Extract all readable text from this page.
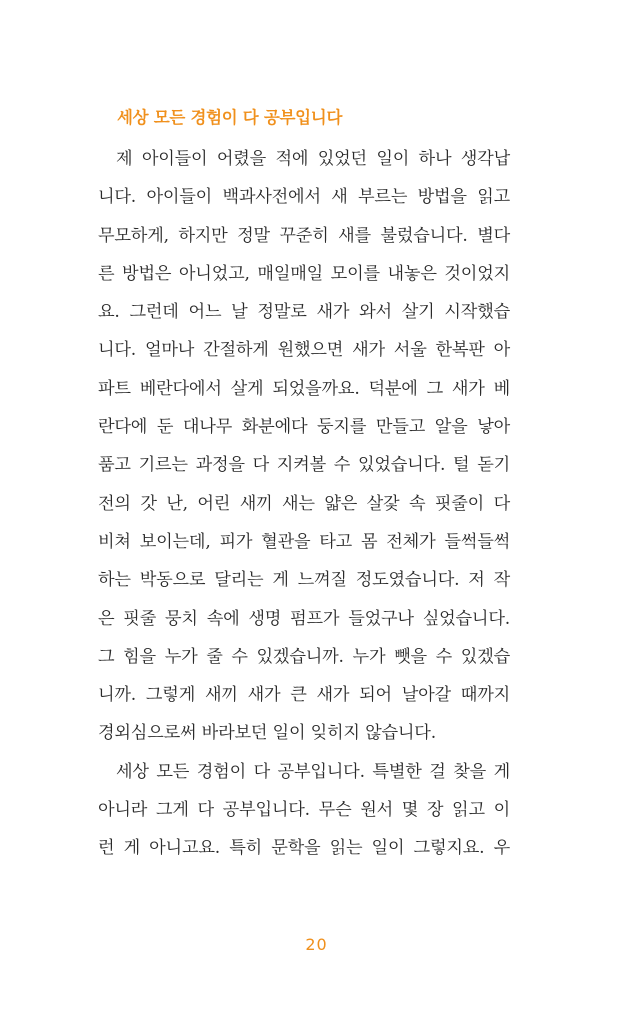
세상 모든 경험이 다 공부입니다
제 아이들이 어렸을 적에 있었던 일이 하나 생각납
니다. 아이들이 백과사전에서 새 부르는 방법을 읽고
무모하게, 하지만 정말 꾸준히 새를 불렀습니다. 별다
른 방법은 아니었고, 매일매일 모이를 내놓은 것이었지
요. 그런데 어느 날 정말로 새가 와서 살기 시작했습
니다. 얼마나 간절하게 원했으면 새가 서울 한복판 아
파트 베란다에서 살게 되었을까요. 덕분에 그 새가 베
란다에 둔 대나무 화분에다 둥지를 만들고 알을 낳아
품고 기르는 과정을 다 지켜볼 수 있었습니다. 털 돋기
전의 갓 난, 어린 새끼 새는 얇은 살갗 속 핏줄이 다
비쳐 보이는데, 피가 혈관을 타고 몸 전체가 들썩들썩
하는 박동으로 달리는 게 느껴질 정도였습니다. 저 작
은 핏줄 뭉치 속에 생명 펌프가 들었구나 싶었습니다.
그 힘을 누가 줄 수 있겠습니까. 누가 뺏을 수 있겠습
니까. 그렇게 새끼 새가 큰 새가 되어 날아갈 때까지
경외심으로써 바라보던 일이 잊히지 않습니다.
세상 모든 경험이 다 공부입니다. 특별한 걸 찾을 게
아니라 그게 다 공부입니다. 무슨 원서 몇 장 읽고 이
런 게 아니고요. 특히 문학을 읽는 일이 그렇지요. 우
20
